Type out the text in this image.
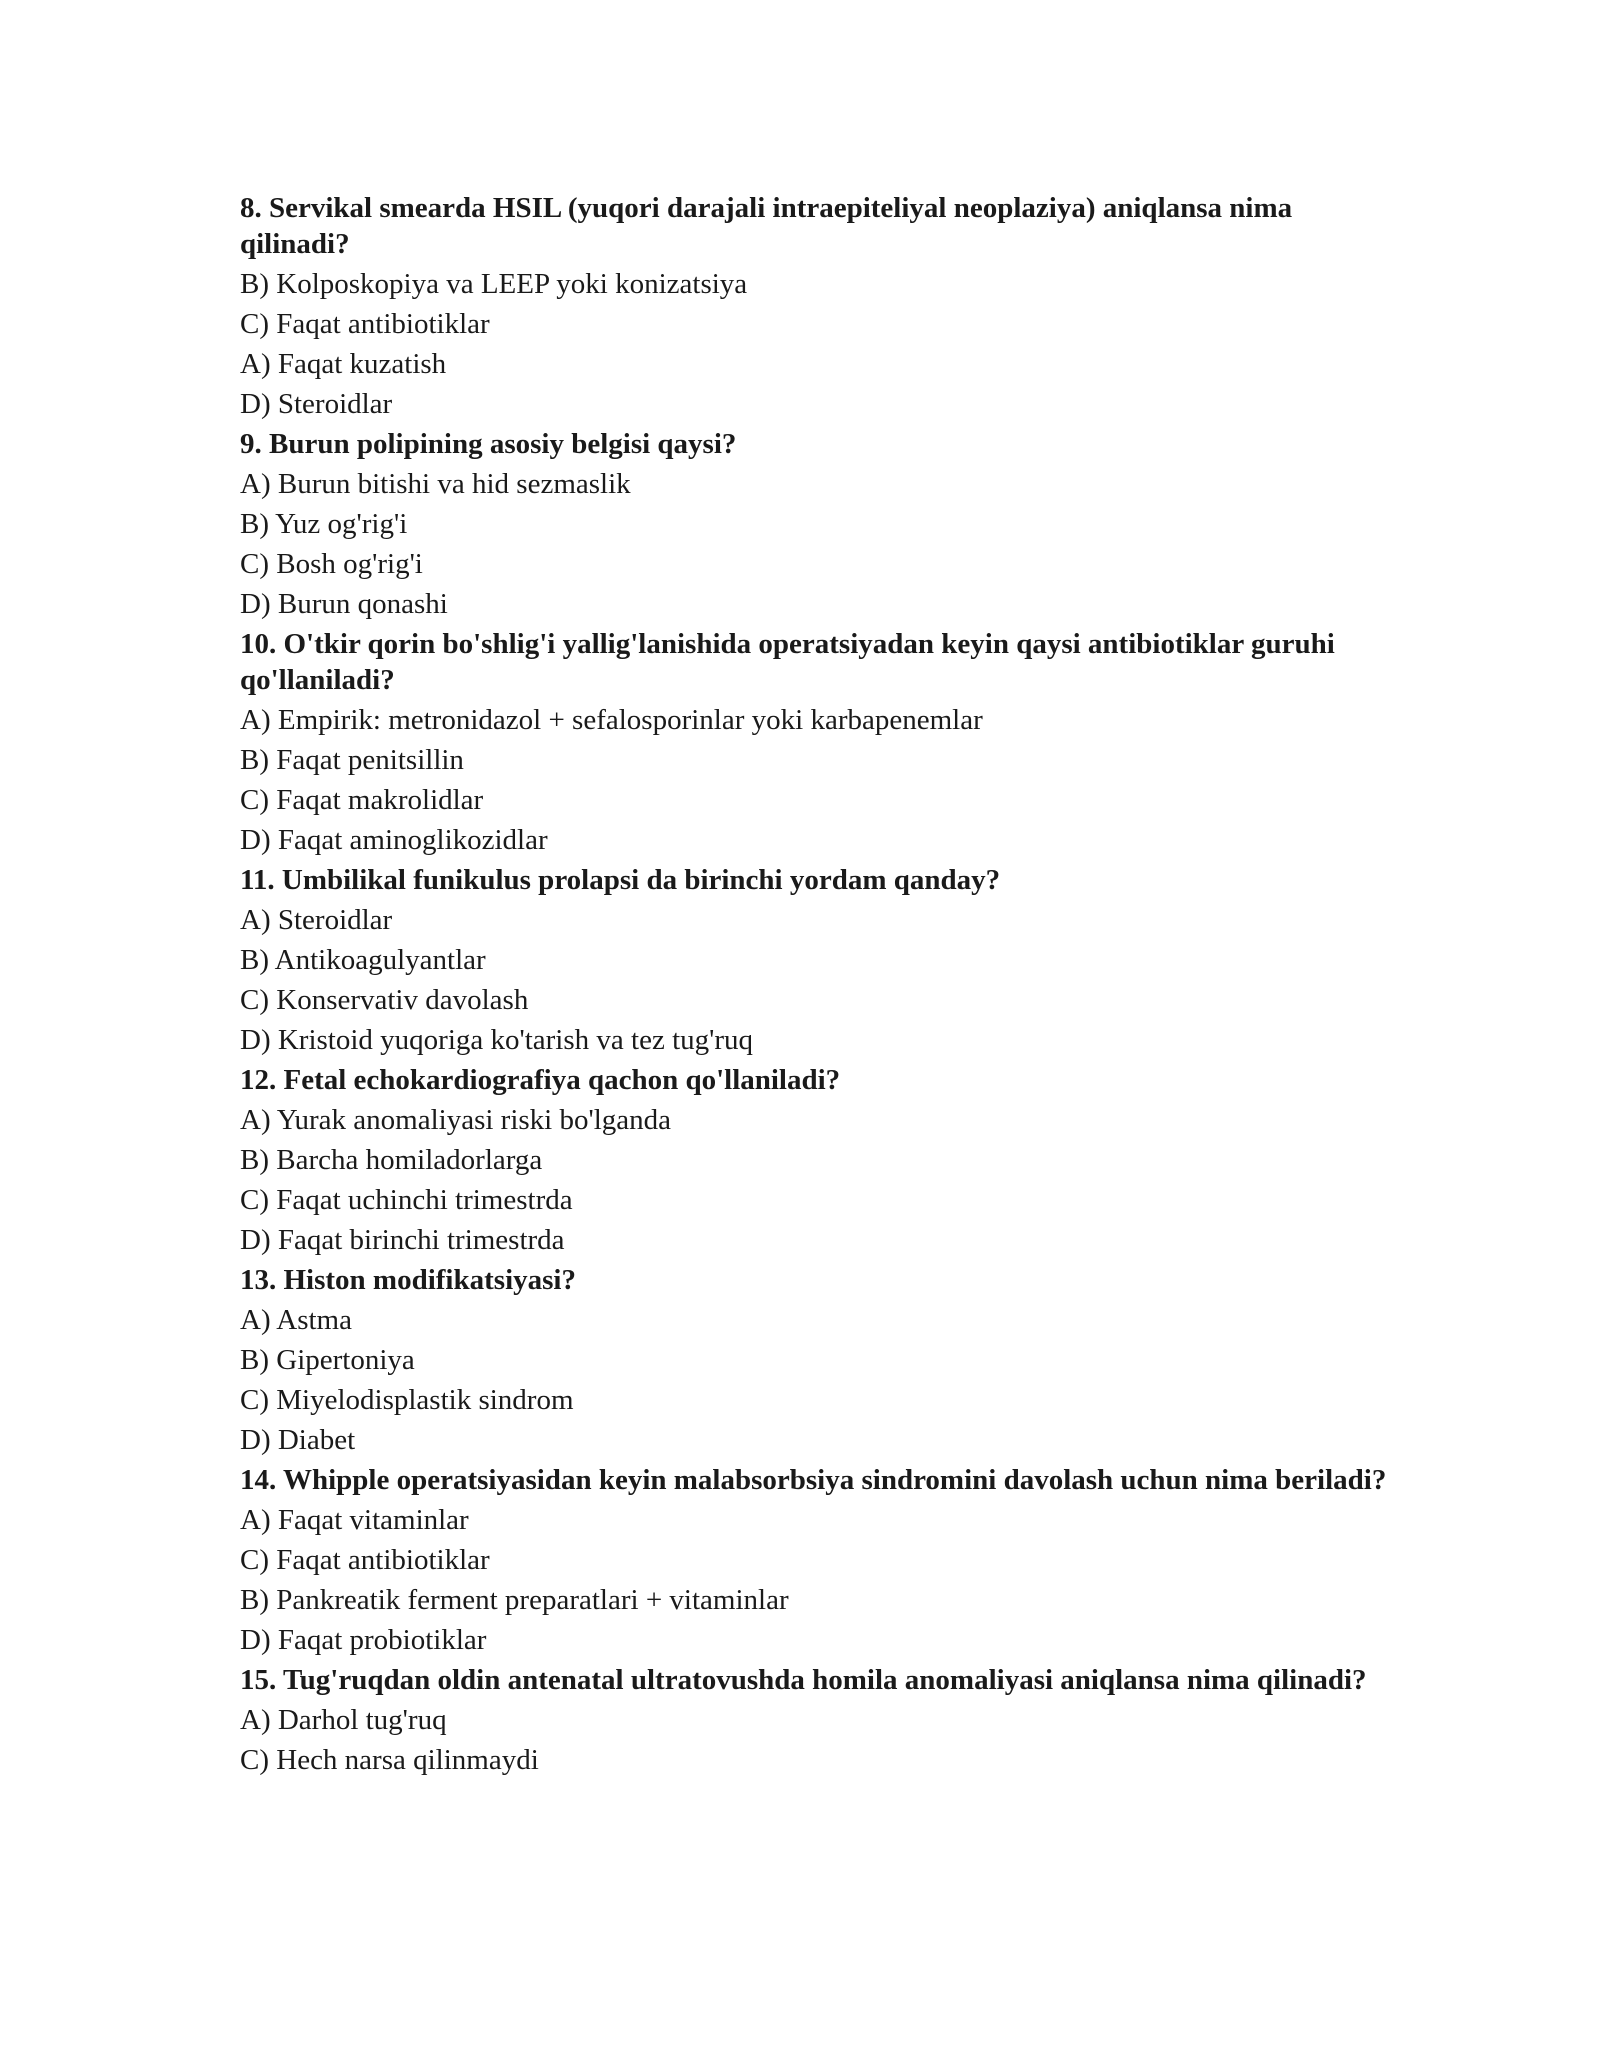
8. Servikal smearda HSIL (yuqori darajali intraepiteliyal neoplaziya) aniqlansa nima qilinadi?

B) Kolposkopiya va LEEP yoki konizatsiya

C) Faqat antibiotiklar

A) Faqat kuzatish

D) Steroidlar

9. Burun polipining asosiy belgisi qaysi?

A) Burun bitishi va hid sezmaslik

B) Yuz og'rig'i

C) Bosh og'rig'i

D) Burun qonashi

10. O'tkir qorin bo'shlig'i yallig'lanishida operatsiyadan keyin qaysi antibiotiklar guruhi qo'llaniladi?

A) Empirik: metronidazol + sefalosporinlar yoki karbapenemlar

B) Faqat penitsillin

C) Faqat makrolidlar

D) Faqat aminoglikozidlar

11. Umbilikal funikulus prolapsi da birinchi yordam qanday?

A) Steroidlar

B) Antikoagulyantlar

C) Konservativ davolash

D) Kristoid yuqoriga ko'tarish va tez tug'ruq

12. Fetal echokardiografiya qachon qo'llaniladi?

A) Yurak anomaliyasi riski bo'lganda

B) Barcha homiladorlarga

C) Faqat uchinchi trimestrda

D) Faqat birinchi trimestrda

13. Histon modifikatsiyasi?

A) Astma

B) Gipertoniya

C) Miyelodisplastik sindrom

D) Diabet

14. Whipple operatsiyasidan keyin malabsorbsiya sindromini davolash uchun nima beriladi?

A) Faqat vitaminlar

C) Faqat antibiotiklar

B) Pankreatik ferment preparatlari + vitaminlar

D) Faqat probiotiklar

15. Tug'ruqdan oldin antenatal ultratovushda homila anomaliyasi aniqlansa nima qilinadi?

A) Darhol tug'ruq

C) Hech narsa qilinmaydi
